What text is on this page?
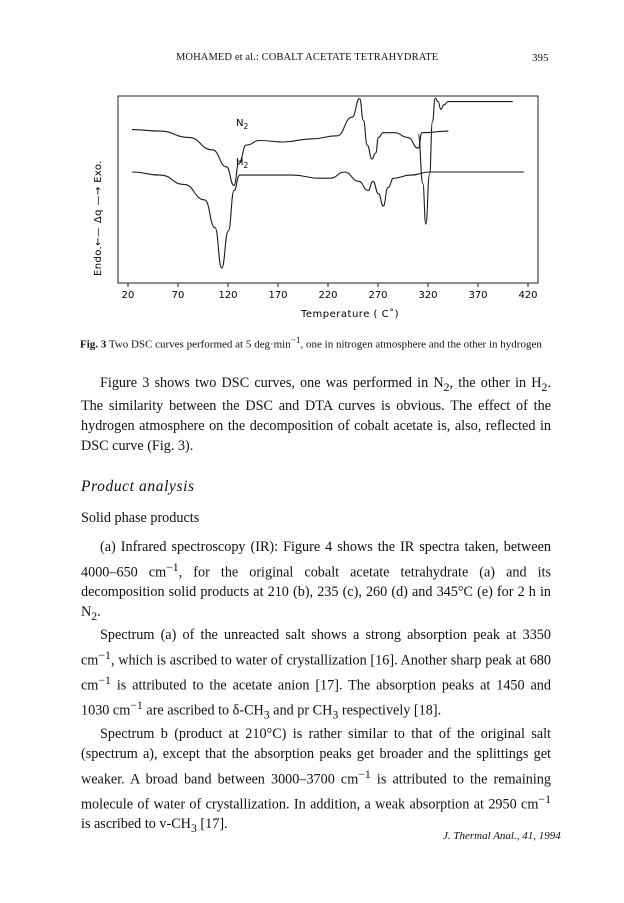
MOHAMED et al.: COBALT ACETATE TETRAHYDRATE	395
20	70	120	170	220	270	320	370	420
$N_2$
$H_2$
Endo.←— Δq —→ Exo.
Temperature ( C˚)
Fig. 3 Two DSC curves performed at 5 $deg\cdot\min^{-1}$, one in nitrogen atmosphere and the other in hydrogen

Figure 3 shows two DSC curves, one was performed in $N_2$, the other in $H_2$. The similarity between the DSC and DTA curves is obvious. The effect of the hydrogen atmosphere on the decomposition of cobalt acetate is, also, reflected in DSC curve (Fig. 3).

Product analysis
Solid phase products

(a) Infrared spectroscopy (IR): Figure 4 shows the IR spectra taken, between 4000–650 $cm^{-1}$, for the original cobalt acetate tetrahydrate (a) and its decomposition solid products at 210 (b), 235 (c), 260 (d) and 345°C (e) for 2 h in $N_2$.

Spectrum (a) of the unreacted salt shows a strong absorption peak at 3350 $cm^{-1}$, which is ascribed to water of crystallization [16]. Another sharp peak at 680 $cm^{-1}$ is attributed to the acetate anion [17]. The absorption peaks at 1450 and 1030 $cm^{-1}$ are ascribed to $\delta-CH_3$ and pr $CH_3$ respectively [18].

Spectrum b (product at 210°C) is rather similar to that of the original salt (spectrum a), except that the absorption peaks get broader and the splittings get weaker. A broad band between 3000–3700 $cm^{-1}$ is attributed to the remaining molecule of water of crystallization. In addition, a weak absorption at 2950 $cm^{-1}$ is ascribed to $v-CH_3$ [17].

J. Thermal Anal., 41, 1994
